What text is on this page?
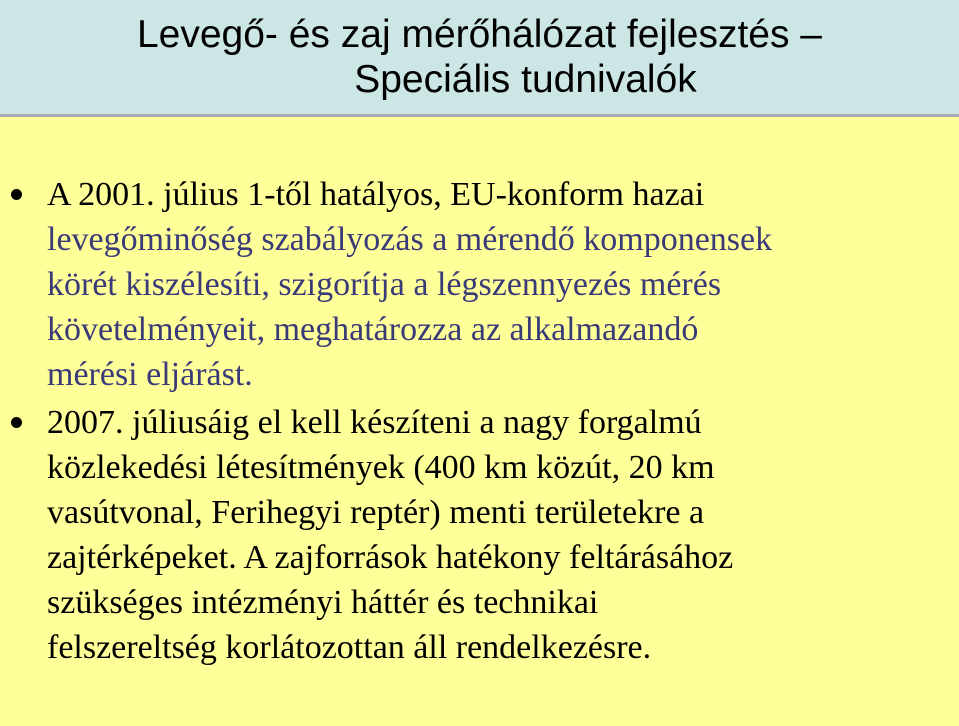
Levegő- és zaj mérőhálózat fejlesztés –
Speciális tudnivalók
A 2001. július 1-től hatályos, EU-konform hazai
levegőminőség szabályozás a mérendő komponensek
körét kiszélesíti, szigorítja a légszennyezés mérés
követelményeit, meghatározza az alkalmazandó
mérési eljárást.
2007. júliusáig el kell készíteni a nagy forgalmú
közlekedési létesítmények (400 km közút, 20 km
vasútvonal, Ferihegyi reptér) menti területekre a
zajtérképeket. A zajforrások hatékony feltárásához
szükséges intézményi háttér és technikai
felszereltség korlátozottan áll rendelkezésre.
